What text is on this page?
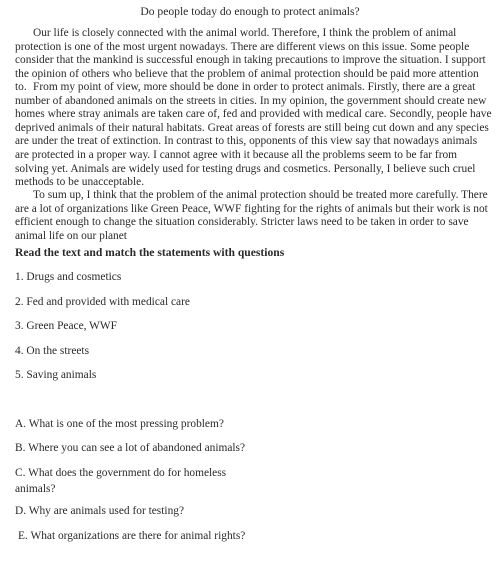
Do people today do enough to protect animals?

Our life is closely connected with the animal world. Therefore, I think the problem of animal protection is one of the most urgent nowadays. There are different views on this issue. Some people consider that the mankind is successful enough in taking precautions to improve the situation. I support the opinion of others who believe that the problem of animal protection should be paid more attention to. From my point of view, more should be done in order to protect animals. Firstly, there are a great number of abandoned animals on the streets in cities. In my opinion, the government should create new homes where stray animals are taken care of, fed and provided with medical care. Secondly, people have deprived animals of their natural habitats. Great areas of forests are still being cut down and any species are under the treat of extinction. In contrast to this, opponents of this view say that nowadays animals are protected in a proper way. I cannot agree with it because all the problems seem to be far from solving yet. Animals are widely used for testing drugs and cosmetics. Personally, I believe such cruel methods to be unacceptable.

To sum up, I think that the problem of the animal protection should be treated more carefully. There are a lot of organizations like Green Peace, WWF fighting for the rights of animals but their work is not efficient enough to change the situation considerably. Stricter laws need to be taken in order to save animal life on our planet

Read the text and match the statements with questions
1. Drugs and cosmetics
2. Fed and provided with medical care
3. Green Peace, WWF
4. On the streets
5. Saving animals
A. What is one of the most pressing problem?
B. Where you can see a lot of abandoned animals?
C. What does the government do for homeless animals?
D. Why are animals used for testing?
E. What organizations are there for animal rights?
